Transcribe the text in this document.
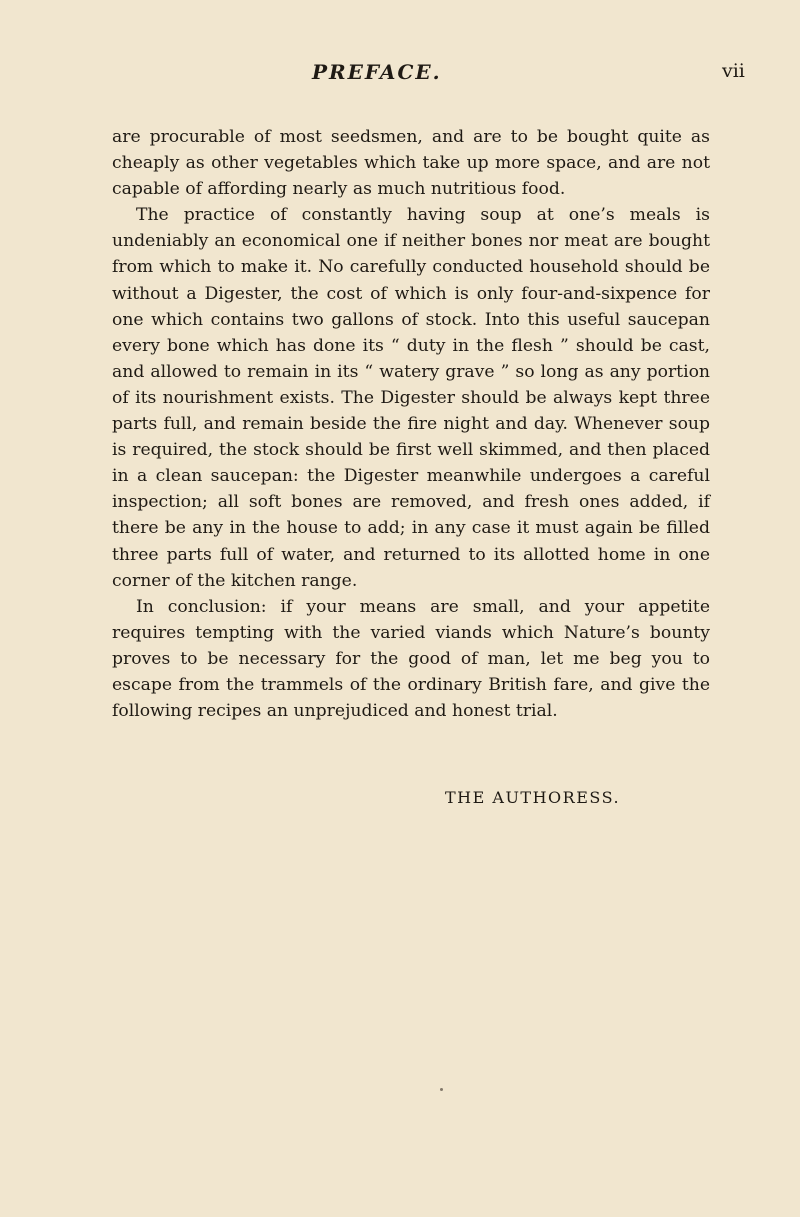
PREFACE.	vii

are procurable of most seedsmen, and are to be bought quite as cheaply as other vegetables which take up more space, and are not capable of affording nearly as much nutritious food.

The practice of constantly having soup at one’s meals is undeniably an economical one if neither bones nor meat are bought from which to make it. No carefully conducted household should be without a Digester, the cost of which is only four-and-sixpence for one which contains two gallons of stock. Into this useful saucepan every bone which has done its “ duty in the flesh ” should be cast, and allowed to remain in its “ watery grave ” so long as any portion of its nourishment exists. The Digester should be always kept three parts full, and remain beside the fire night and day. Whenever soup is required, the stock should be first well skimmed, and then placed in a clean saucepan: the Digester meanwhile undergoes a careful inspection; all soft bones are removed, and fresh ones added, if there be any in the house to add; in any case it must again be filled three parts full of water, and returned to its allotted home in one corner of the kitchen range.

In conclusion: if your means are small, and your appetite requires tempting with the varied viands which Nature’s bounty proves to be necessary for the good of man, let me beg you to escape from the trammels of the ordinary British fare, and give the following recipes an unprejudiced and honest trial.

THE AUTHORESS.
